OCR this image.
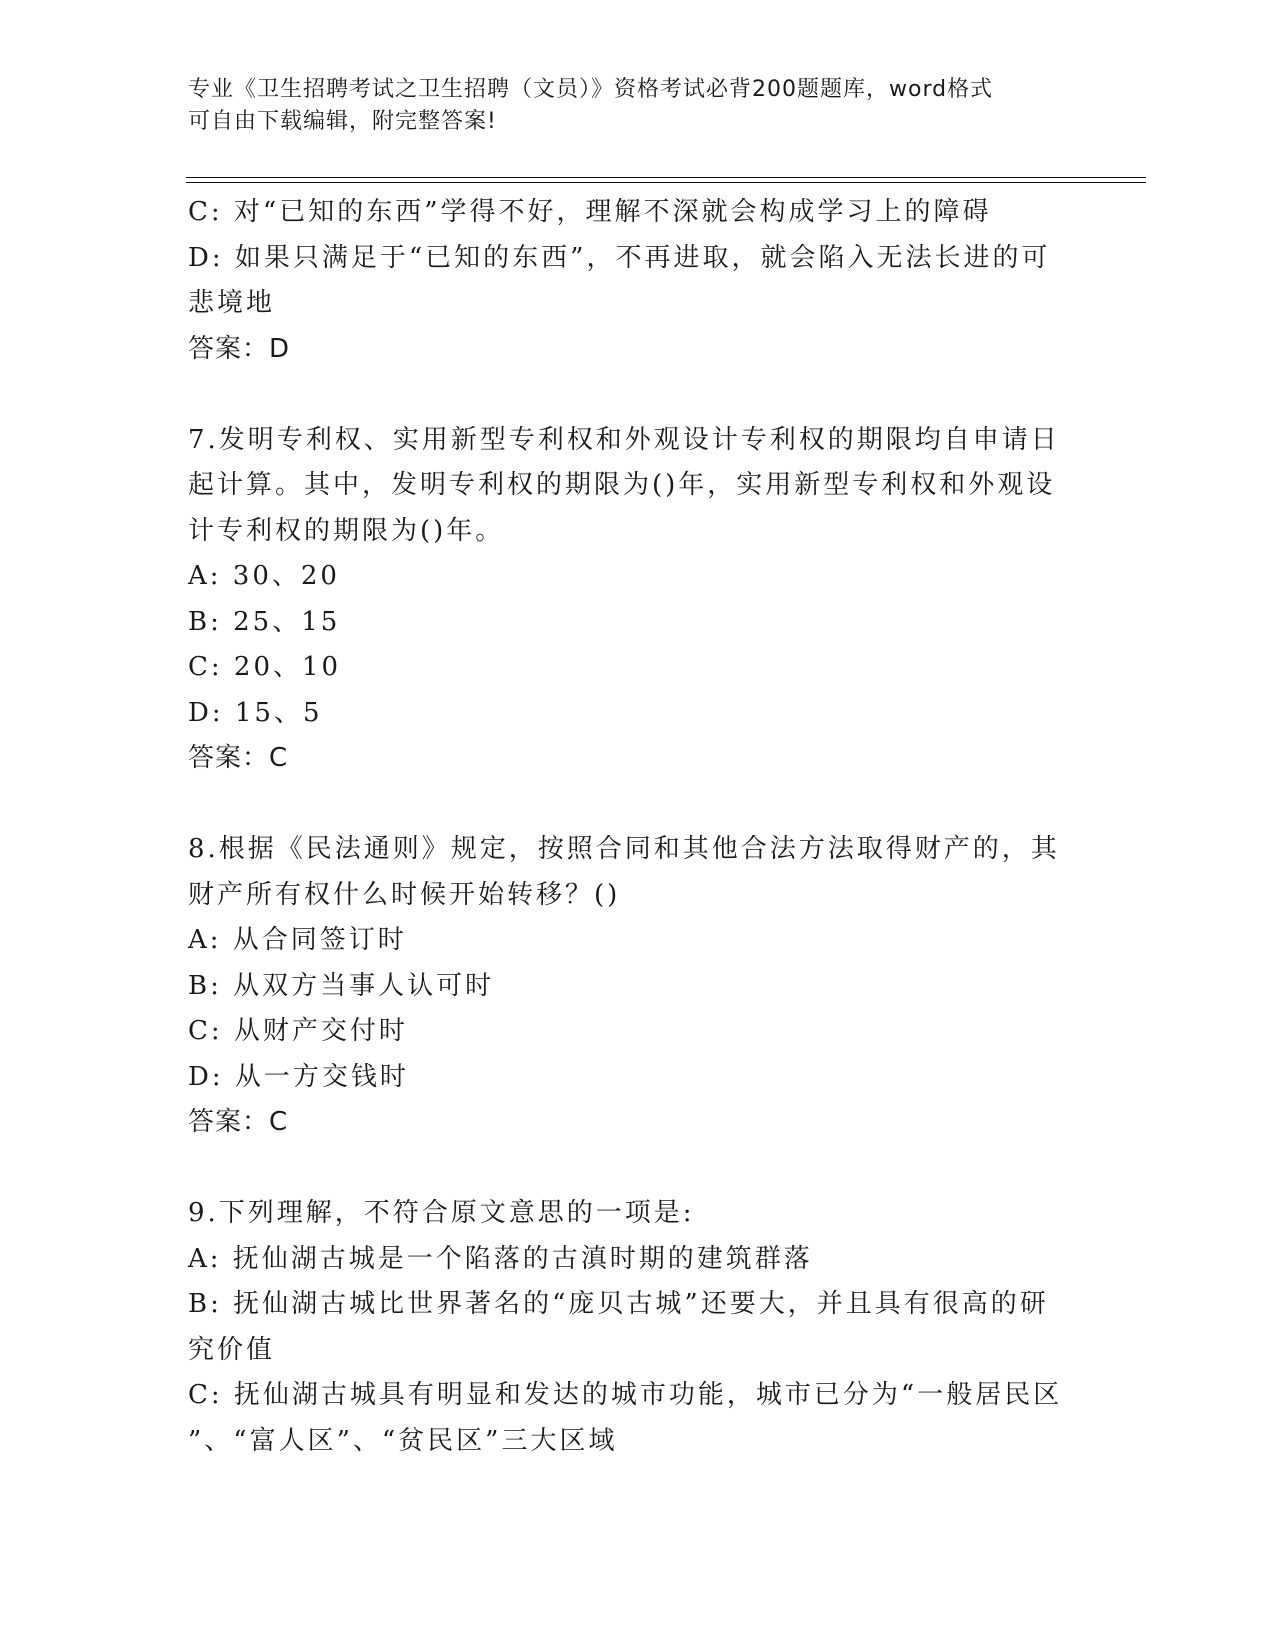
专业《卫生招聘考试之卫生招聘（文员）》资格考试必背200题题库，word格式

可自由下载编辑，附完整答案!

C: 对“已知的东西”学得不好，理解不深就会构成学习上的障碍
D: 如果只满足于“已知的东西”，不再进取，就会陷入无法长进的可
悲境地
答案：D
7.发明专利权、实用新型专利权和外观设计专利权的期限均自申请日
起计算。其中，发明专利权的期限为()年，实用新型专利权和外观设
计专利权的期限为()年。
A: 30、20
B: 25、15
C: 20、10
D: 15、5
答案：C
8.根据《民法通则》规定，按照合同和其他合法方法取得财产的，其
财产所有权什么时候开始转移？()
A: 从合同签订时
B: 从双方当事人认可时
C: 从财产交付时
D: 从一方交钱时
答案：C
9.下列理解，不符合原文意思的一项是:
A: 抚仙湖古城是一个陷落的古滇时期的建筑群落
B: 抚仙湖古城比世界著名的“庞贝古城”还要大，并且具有很高的研
究价值
C: 抚仙湖古城具有明显和发达的城市功能，城市已分为“一般居民区
”、“富人区”、“贫民区”三大区域
